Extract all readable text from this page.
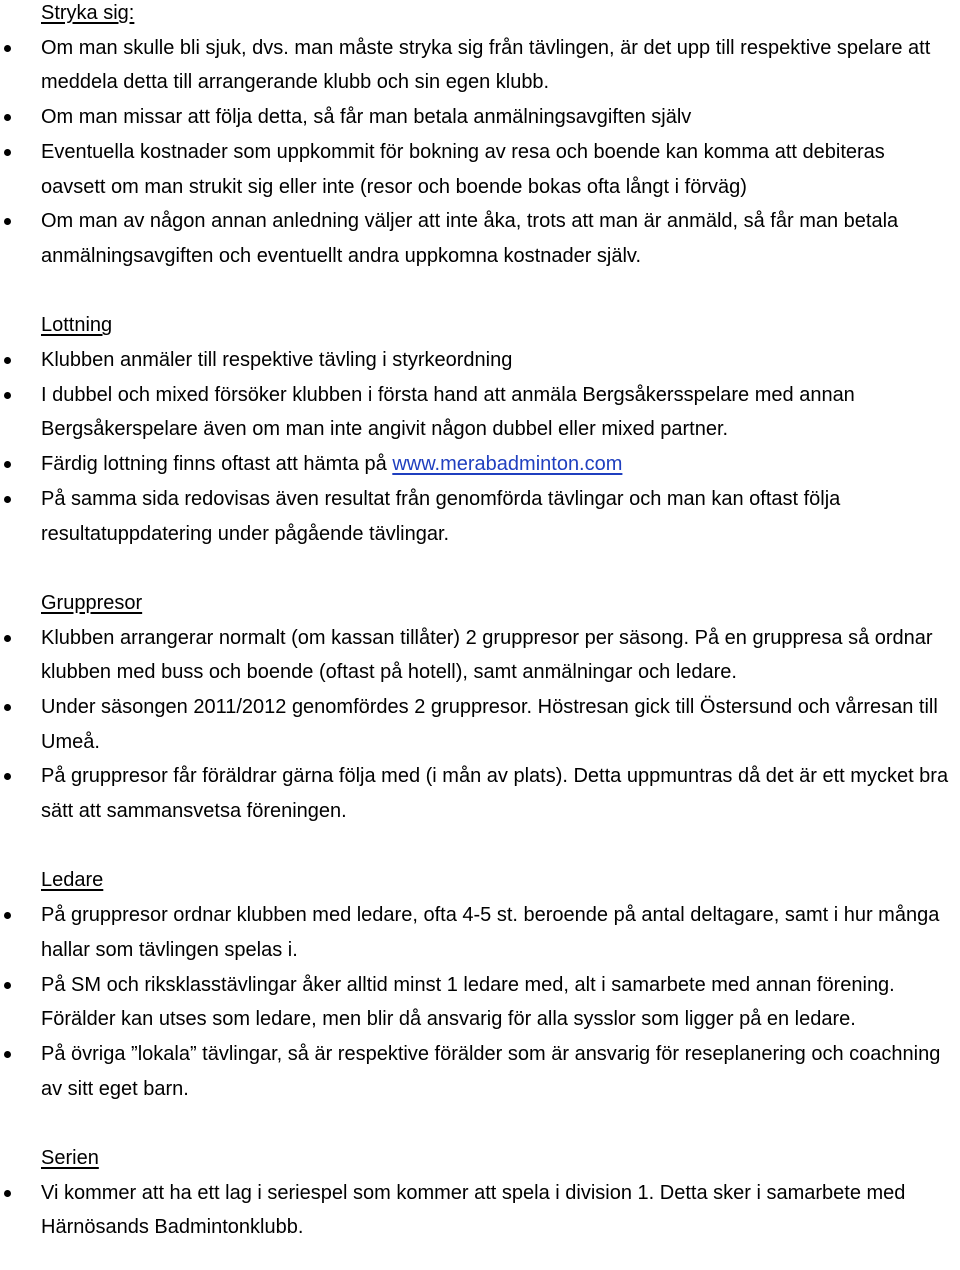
Stryka sig:
Om man skulle bli sjuk, dvs. man måste stryka sig från tävlingen, är det upp till respektive spelare att meddela detta till arrangerande klubb och sin egen klubb.
Om man missar att följa detta, så får man betala anmälningsavgiften själv
Eventuella kostnader som uppkommit för bokning av resa och boende kan komma att debiteras oavsett om man strukit sig eller inte (resor och boende bokas ofta långt i förväg)
Om man av någon annan anledning väljer att inte åka, trots att man är anmäld, så får man betala anmälningsavgiften och eventuellt andra uppkomna kostnader själv.
Lottning
Klubben anmäler till respektive tävling i styrkeordning
I dubbel och mixed försöker klubben i första hand att anmäla Bergsåkersspelare med annan Bergsåkerspelare även om man inte angivit någon dubbel eller mixed partner.
Färdig lottning finns oftast att hämta på www.merabadminton.com
På samma sida redovisas även resultat från genomförda tävlingar och man kan oftast följa resultatuppdatering under pågående tävlingar.
Gruppresor
Klubben arrangerar normalt (om kassan tillåter) 2 gruppresor per säsong. På en gruppresa så ordnar klubben med buss och boende (oftast på hotell), samt anmälningar och ledare.
Under säsongen 2011/2012 genomfördes 2 gruppresor. Höstresan gick till Östersund och vårresan till Umeå.
På gruppresor får föräldrar gärna följa med (i mån av plats). Detta uppmuntras då det är ett mycket bra sätt att sammansvetsa föreningen.
Ledare
På gruppresor ordnar klubben med ledare, ofta 4-5 st. beroende på antal deltagare, samt i hur många hallar som tävlingen spelas i.
På SM och riksklasstävlingar åker alltid minst 1 ledare med, alt i samarbete med annan förening. Förälder kan utses som ledare, men blir då ansvarig för alla sysslor som ligger på en ledare.
På övriga ”lokala” tävlingar, så är respektive förälder som är ansvarig för reseplanering och coachning av sitt eget barn.
Serien
Vi kommer att ha ett lag i seriespel som kommer att spela i division 1. Detta sker i samarbete med Härnösands Badmintonklubb.
